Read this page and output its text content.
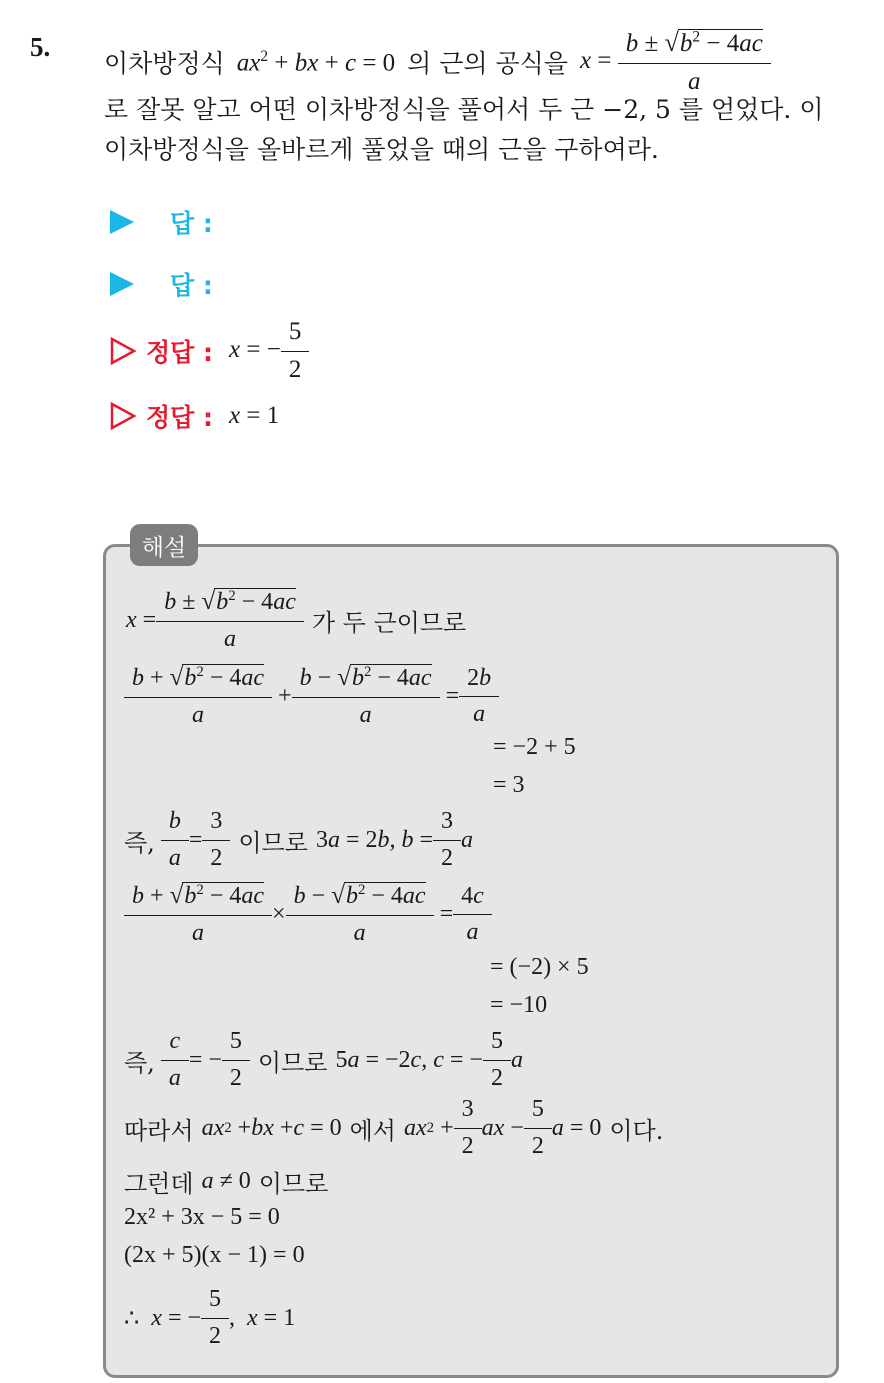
5.
이차방정식 $ax^2$ + bx + c = 0 의 근의 공식을 $x = \frac{b \pm √b^2 - 4ac}{a}$
로 잘못 알고 어떤 이차방정식을 풀어서 두 근 −2, 5 를 얻었다. 이
이차방정식을 올바르게 풀었을 때의 근을 구하여라.
답 :
답 :
정답 : x = − $\frac{5}{2}$
정답 : x = 1
해설
$x = \frac{b \pm √b^2 - 4ac}{a}$ 가 두 근이므로
$\frac{b + √b^2 - 4ac}{a} + \frac{b - √b^2 - 4ac}{a} = \frac{2b}{a}$
= −2 + 5
= 3
즉,
$\frac{b}{a} = \frac{3}{2}$ 이므로 3 a = 2 b , $b = \frac{3}{2}$ a
$\frac{b + √b^2 - 4ac}{a} \times \frac{b - √b^2 - 4ac}{a} = \frac{4c}{a}$
= (−2) × 5
= −10
즉,
$\frac{c}{a}$ = − $\frac{5}{2}$ 이므로 5 a = −2 c , c = − $\frac{5}{2}$ a
따라서 ax 2 + bx + c = 0 에서 ax $2 + \frac{3}{2}$ ax − $\frac{5}{2}$ a = 0 이다.
그런데 a ≠ 0 이므로
2x² + 3x − 5 = 0
(2x + 5)(x − 1) = 0
∴ x = − $\frac{5}{2}$ , x = 1
